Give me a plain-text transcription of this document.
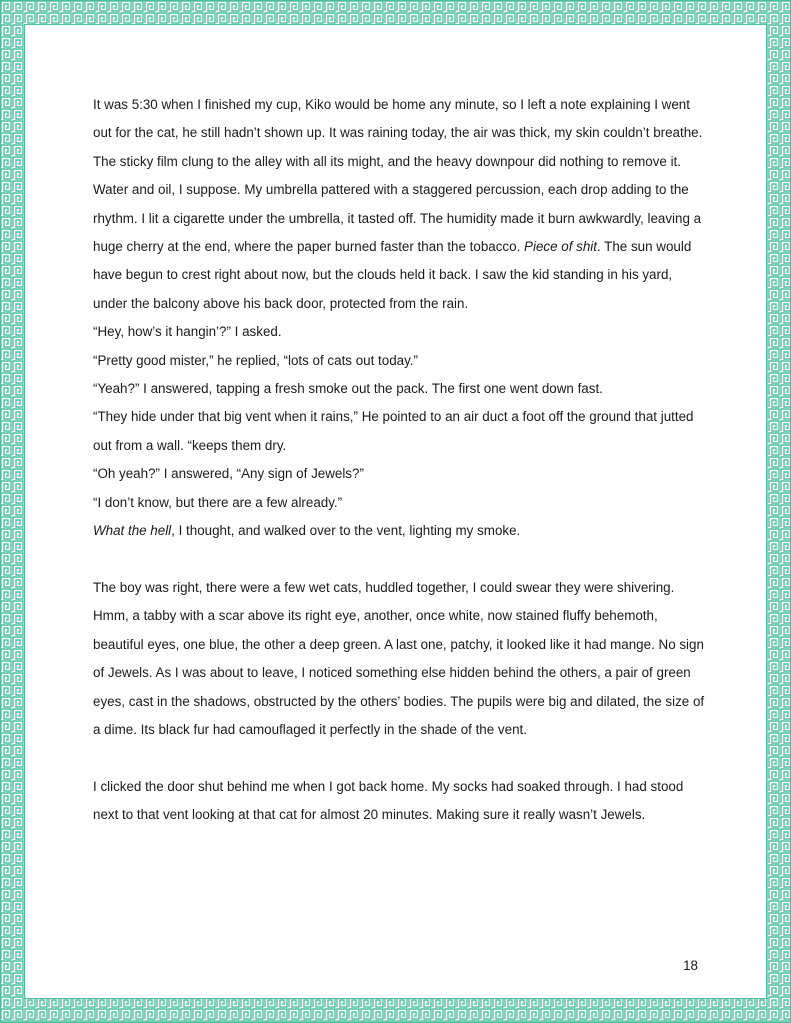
It was 5:30 when I finished my cup, Kiko would be home any minute, so I left a note explaining I went out for the cat, he still hadn’t shown up. It was raining today, the air was thick, my skin couldn’t breathe. The sticky film clung to the alley with all its might, and the heavy downpour did nothing to remove it. Water and oil, I suppose. My umbrella pattered with a staggered percussion, each drop adding to the rhythm. I lit a cigarette under the umbrella, it tasted off. The humidity made it burn awkwardly, leaving a huge cherry at the end, where the paper burned faster than the tobacco. Piece of shit. The sun would have begun to crest right about now, but the clouds held it back. I saw the kid standing in his yard, under the balcony above his back door, protected from the rain.

“Hey, how’s it hangin’?” I asked.

“Pretty good mister,” he replied, “lots of cats out today.”

“Yeah?” I answered, tapping a fresh smoke out the pack. The first one went down fast.

“They hide under that big vent when it rains,” He pointed to an air duct a foot off the ground that jutted out from a wall. “keeps them dry.

“Oh yeah?” I answered, “Any sign of Jewels?”

“I don’t know, but there are a few already.”

What the hell, I thought, and walked over to the vent, lighting my smoke.

The boy was right, there were a few wet cats, huddled together, I could swear they were shivering. Hmm, a tabby with a scar above its right eye, another, once white, now stained fluffy behemoth, beautiful eyes, one blue, the other a deep green. A last one, patchy, it looked like it had mange. No sign of Jewels. As I was about to leave, I noticed something else hidden behind the others, a pair of green eyes, cast in the shadows, obstructed by the others’ bodies. The pupils were big and dilated, the size of a dime. Its black fur had camouflaged it perfectly in the shade of the vent.

I clicked the door shut behind me when I got back home. My socks had soaked through. I had stood next to that vent looking at that cat for almost 20 minutes. Making sure it really wasn’t Jewels.

18
